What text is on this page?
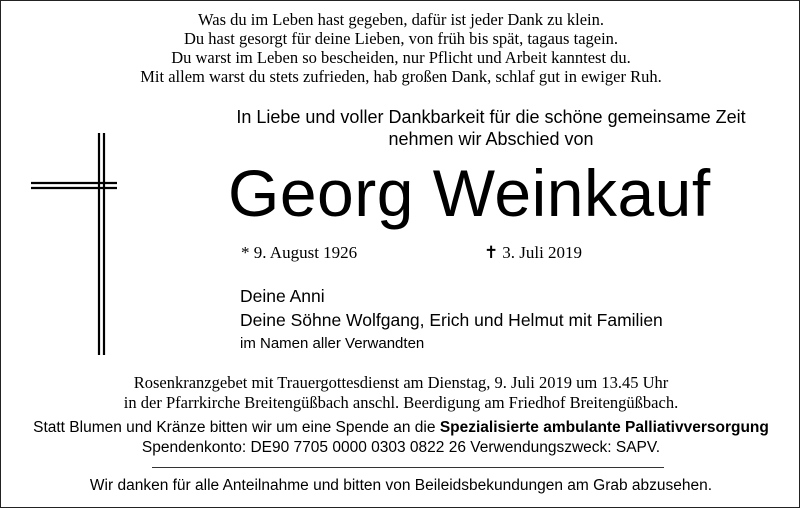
Was du im Leben hast gegeben, dafür ist jeder Dank zu klein.
Du hast gesorgt für deine Lieben, von früh bis spät, tagaus tagein.
Du warst im Leben so bescheiden, nur Pflicht und Arbeit kanntest du.
Mit allem warst du stets zufrieden, hab großen Dank, schlaf gut in ewiger Ruh.
In Liebe und voller Dankbarkeit für die schöne gemeinsame Zeit
nehmen wir Abschied von
Georg Weinkauf
* 9. August 1926	✝ 3. Juli 2019
Deine Anni
Deine Söhne Wolfgang, Erich und Helmut mit Familien
im Namen aller Verwandten
Rosenkranzgebet mit Trauergottesdienst am Dienstag, 9. Juli 2019 um 13.45 Uhr
in der Pfarrkirche Breitengüßbach anschl. Beerdigung am Friedhof Breitengüßbach.
Statt Blumen und Kränze bitten wir um eine Spende an die Spezialisierte ambulante Palliativversorgung
Spendenkonto: DE90 7705 0000 0303 0822 26 Verwendungszweck: SAPV.
Wir danken für alle Anteilnahme und bitten von Beileidsbekundungen am Grab abzusehen.
